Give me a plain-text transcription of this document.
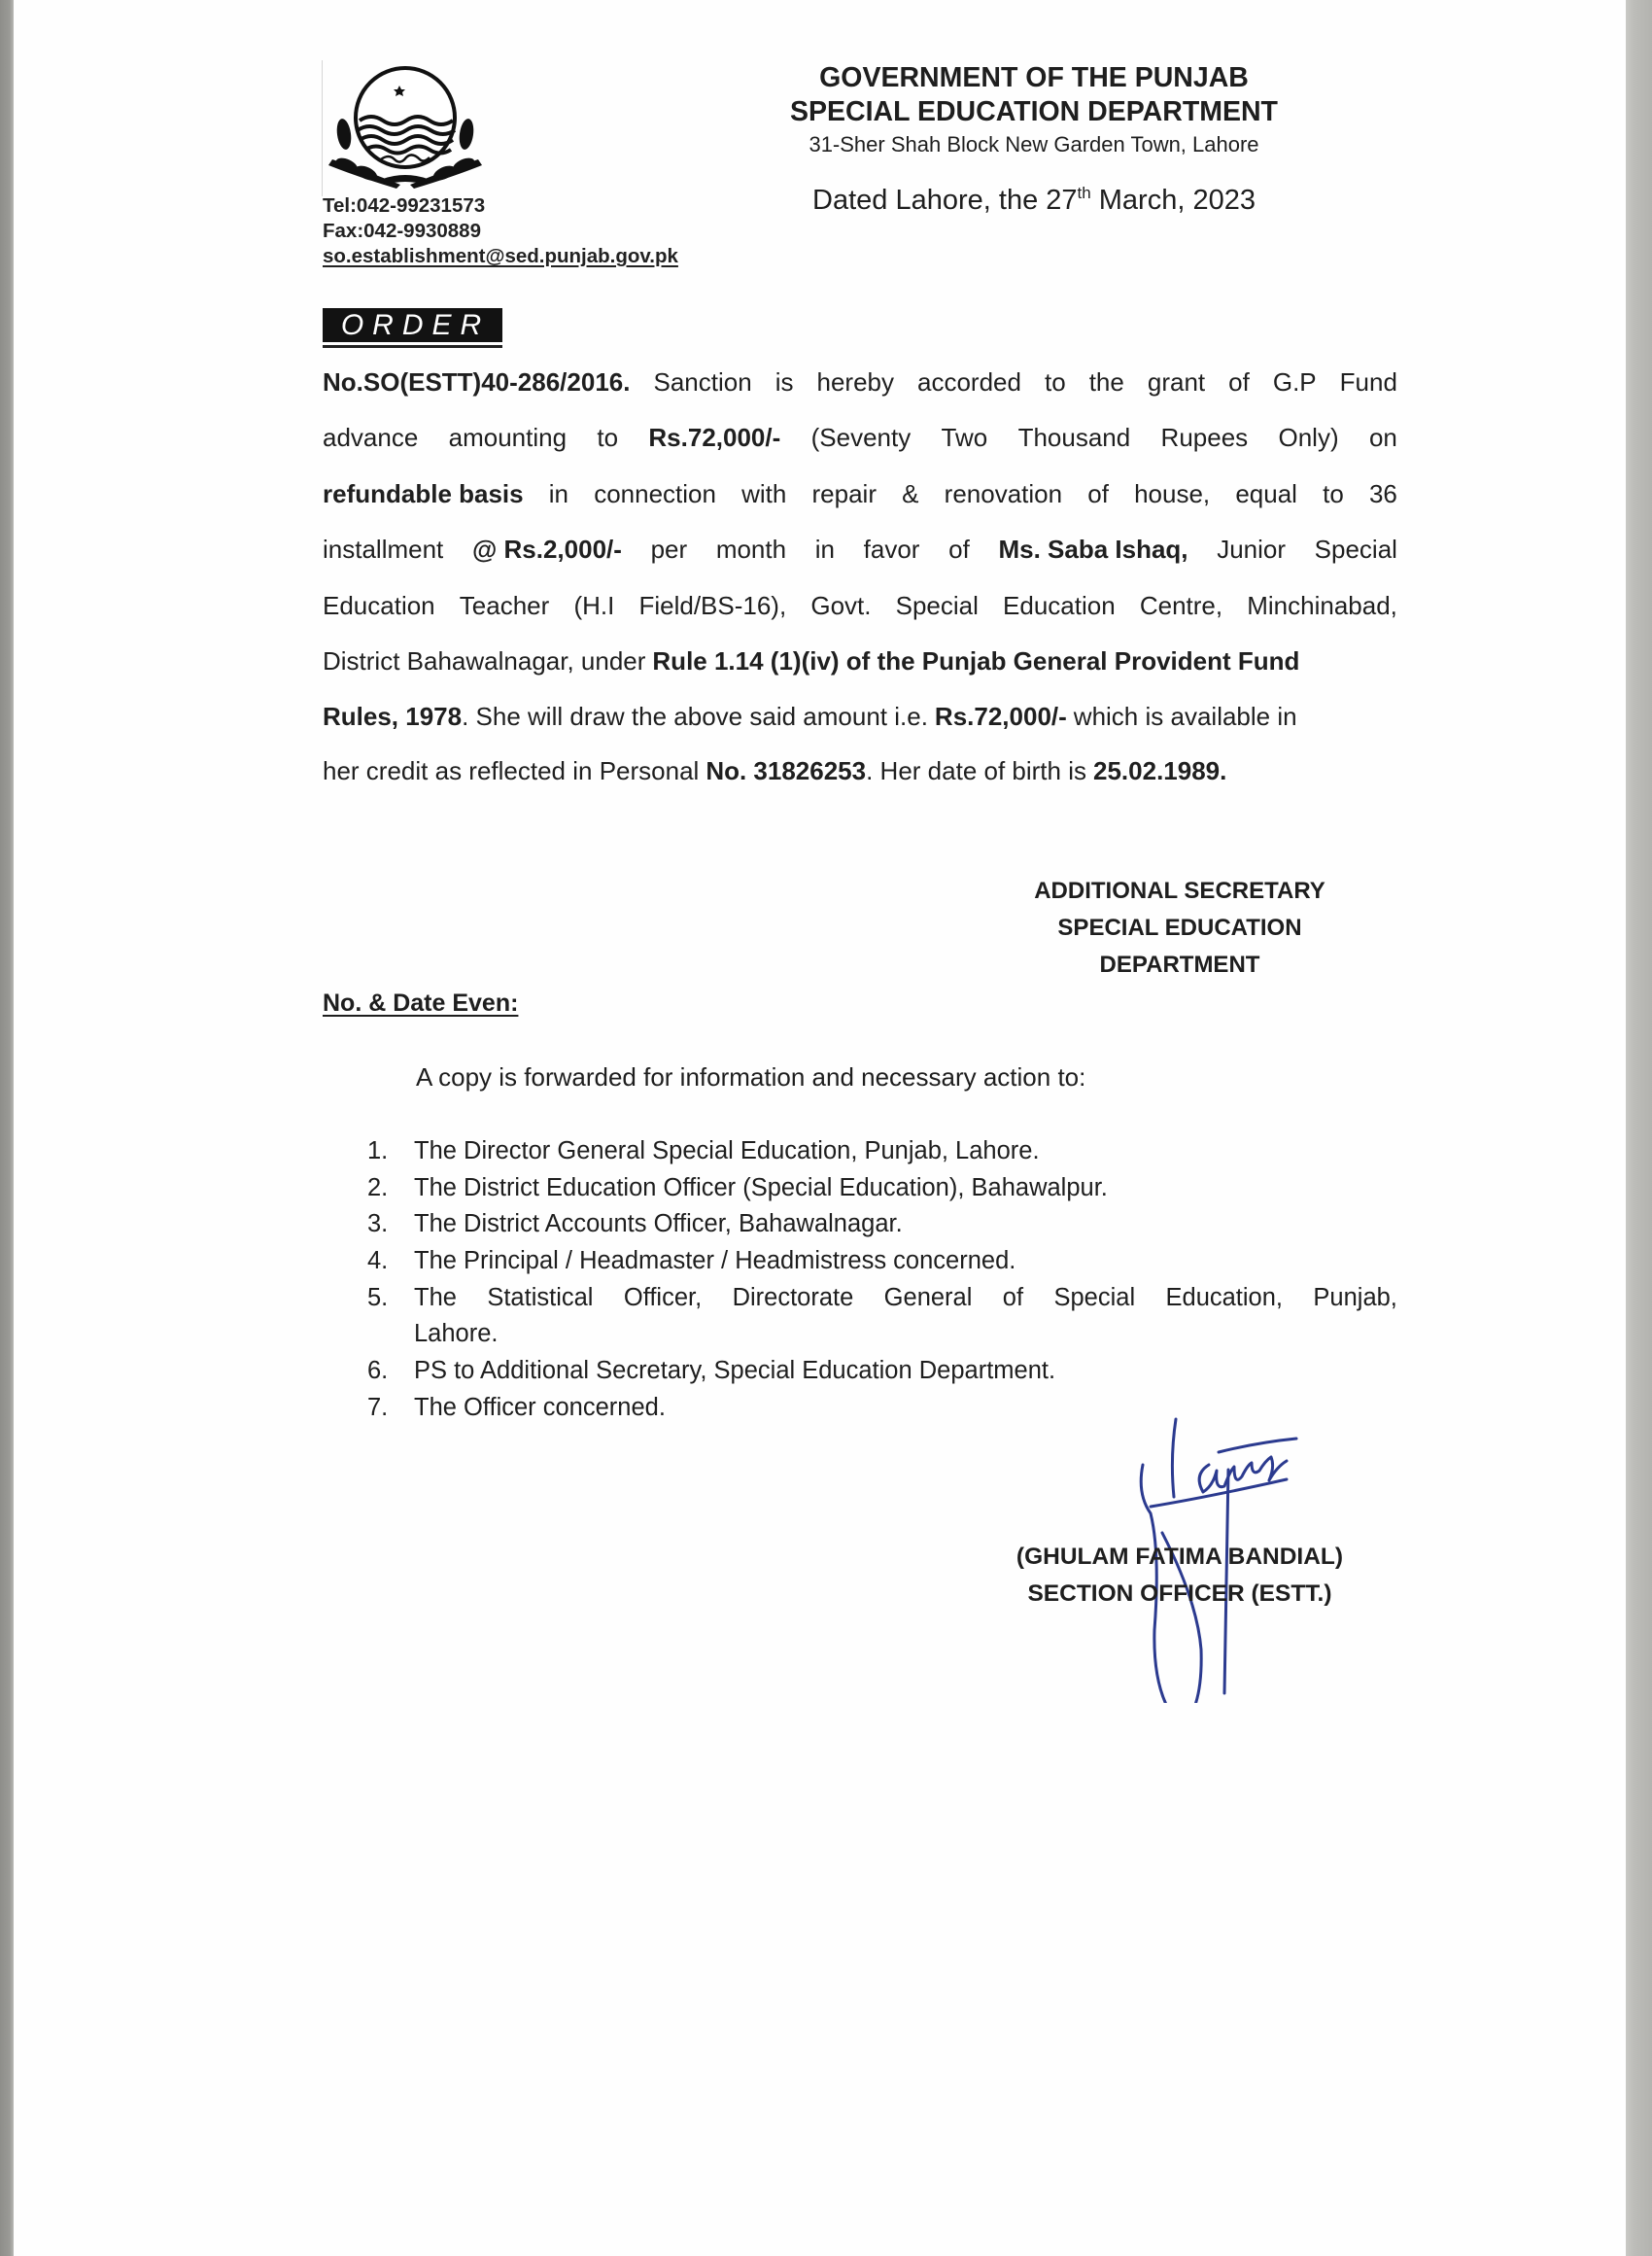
Tel:042-99231573
Fax:042-9930889
so.establishment@sed.punjab.gov.pk
GOVERNMENT OF THE PUNJAB
SPECIAL EDUCATION DEPARTMENT
31-Sher Shah Block New Garden Town, Lahore
Dated Lahore, the 27th March, 2023
ORDER
No.SO(ESTT)40-286/2016. Sanction is hereby accorded to the grant of G.P Fund
advance amounting to Rs.72,000/- (Seventy Two Thousand Rupees Only) on
refundable basis in connection with repair & renovation of house, equal to 36
installment @ Rs.2,000/- per month in favor of Ms. Saba Ishaq, Junior Special
Education Teacher (H.I Field/BS-16), Govt. Special Education Centre, Minchinabad,
District Bahawalnagar, under Rule 1.14 (1)(iv) of the Punjab General Provident Fund
Rules, 1978 . She will draw the above said amount i.e. Rs.72,000/- which is available in
her credit as reflected in Personal No. 31826253 . Her date of birth is 25.02.1989.
ADDITIONAL SECRETARY
SPECIAL EDUCATION
DEPARTMENT
No. & Date Even:
A copy is forwarded for information and necessary action to:
1.	The Director General Special Education, Punjab, Lahore.
2.	The District Education Officer (Special Education), Bahawalpur.
3.	The District Accounts Officer, Bahawalnagar.
4.	The Principal / Headmaster / Headmistress concerned.
5.
Lahore.
The Statistical Officer, Directorate General of Special Education, Punjab,
6.	PS to Additional Secretary, Special Education Department.
7.	The Officer concerned.
(GHULAM FATIMA BANDIAL)
SECTION OFFICER (ESTT.)
